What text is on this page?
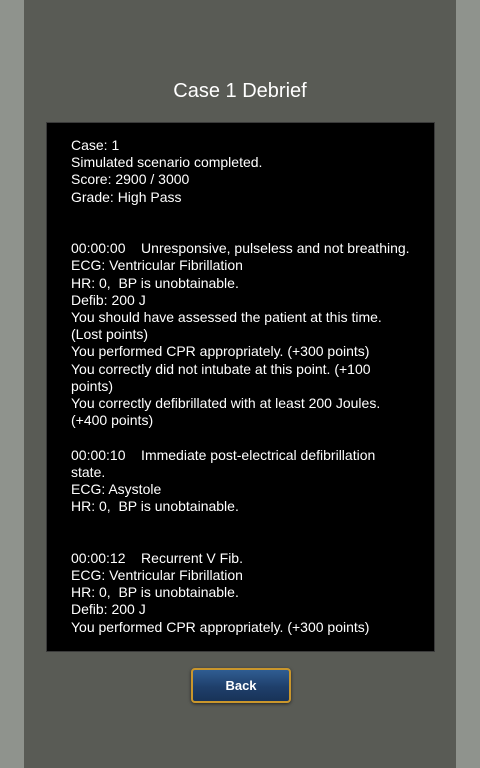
Case 1 Debrief
Case: 1
Simulated scenario completed.
Score: 2900 / 3000
Grade: High Pass

00:00:00    Unresponsive, pulseless and not breathing.
ECG: Ventricular Fibrillation
HR: 0,  BP is unobtainable.
Defib: 200 J
You should have assessed the patient at this time. (Lost points)
You performed CPR appropriately. (+300 points)
You correctly did not intubate at this point. (+100 points)
You correctly defibrillated with at least 200 Joules. (+400 points)

00:00:10    Immediate post-electrical defibrillation state.
ECG: Asystole
HR: 0,  BP is unobtainable.

00:00:12    Recurrent V Fib.
ECG: Ventricular Fibrillation
HR: 0,  BP is unobtainable.
Defib: 200 J
You performed CPR appropriately. (+300 points)
Back
